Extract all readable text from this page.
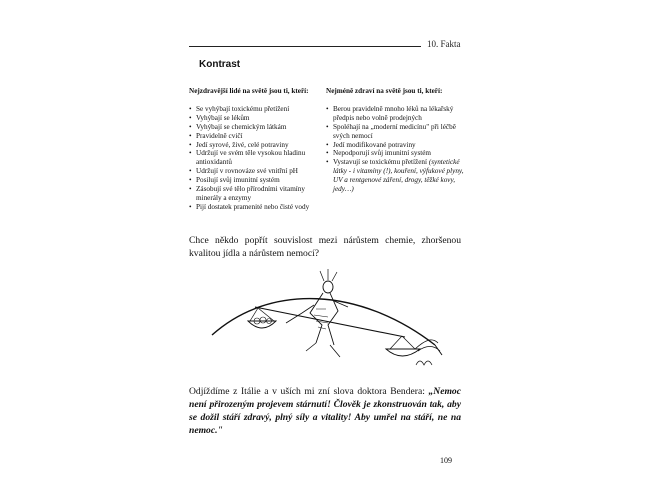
10. Fakta
Kontrast
Nejzdravější lidé na světě jsou ti, kteří:
• Se vyhýbají toxickému přetížení
• Vyhýbají se lékům
• Vyhýbají se chemickým látkám
• Pravidelně cvičí
• Jedí syrové, živé, celé potraviny
• Udržují ve svém těle vysokou hladinu antioxidantů
• Udržují v rovnováze své vnitřní pH
• Posilují svůj imunitní systém
• Zásobují své tělo přírodními vitamíny minerály a enzymy
• Pijí dostatek pramenité nebo čisté vody
Nejméně zdraví na světě jsou ti, kteří:
• Berou pravidelně mnoho léků na lékařský předpis nebo volně prodejných
• Spoléhají na „moderní medicínu" při léčbě svých nemocí
• Jedí modifikované potraviny
• Nepodporují svůj imunitní systém
• Vystavují se toxickému přetížení (syntetické látky - i vitamíny (!), kouření, výfukové plyny, UV a rentgenové záření, drogy, těžké kovy, jedy…)
Chce někdo popřít souvislost mezi nárůstem chemie, zhoršenou kvalitou jídla a nárůstem nemocí?
Odjíždíme z Itálie a v uších mi zní slova doktora Bendera: „Nemoc není přirozeným projevem stárnutí! Člověk je zkonstruován tak, aby se dožil stáří zdravý, plný síly a vitality! Aby umřel na stáří, ne na nemoc."
109
